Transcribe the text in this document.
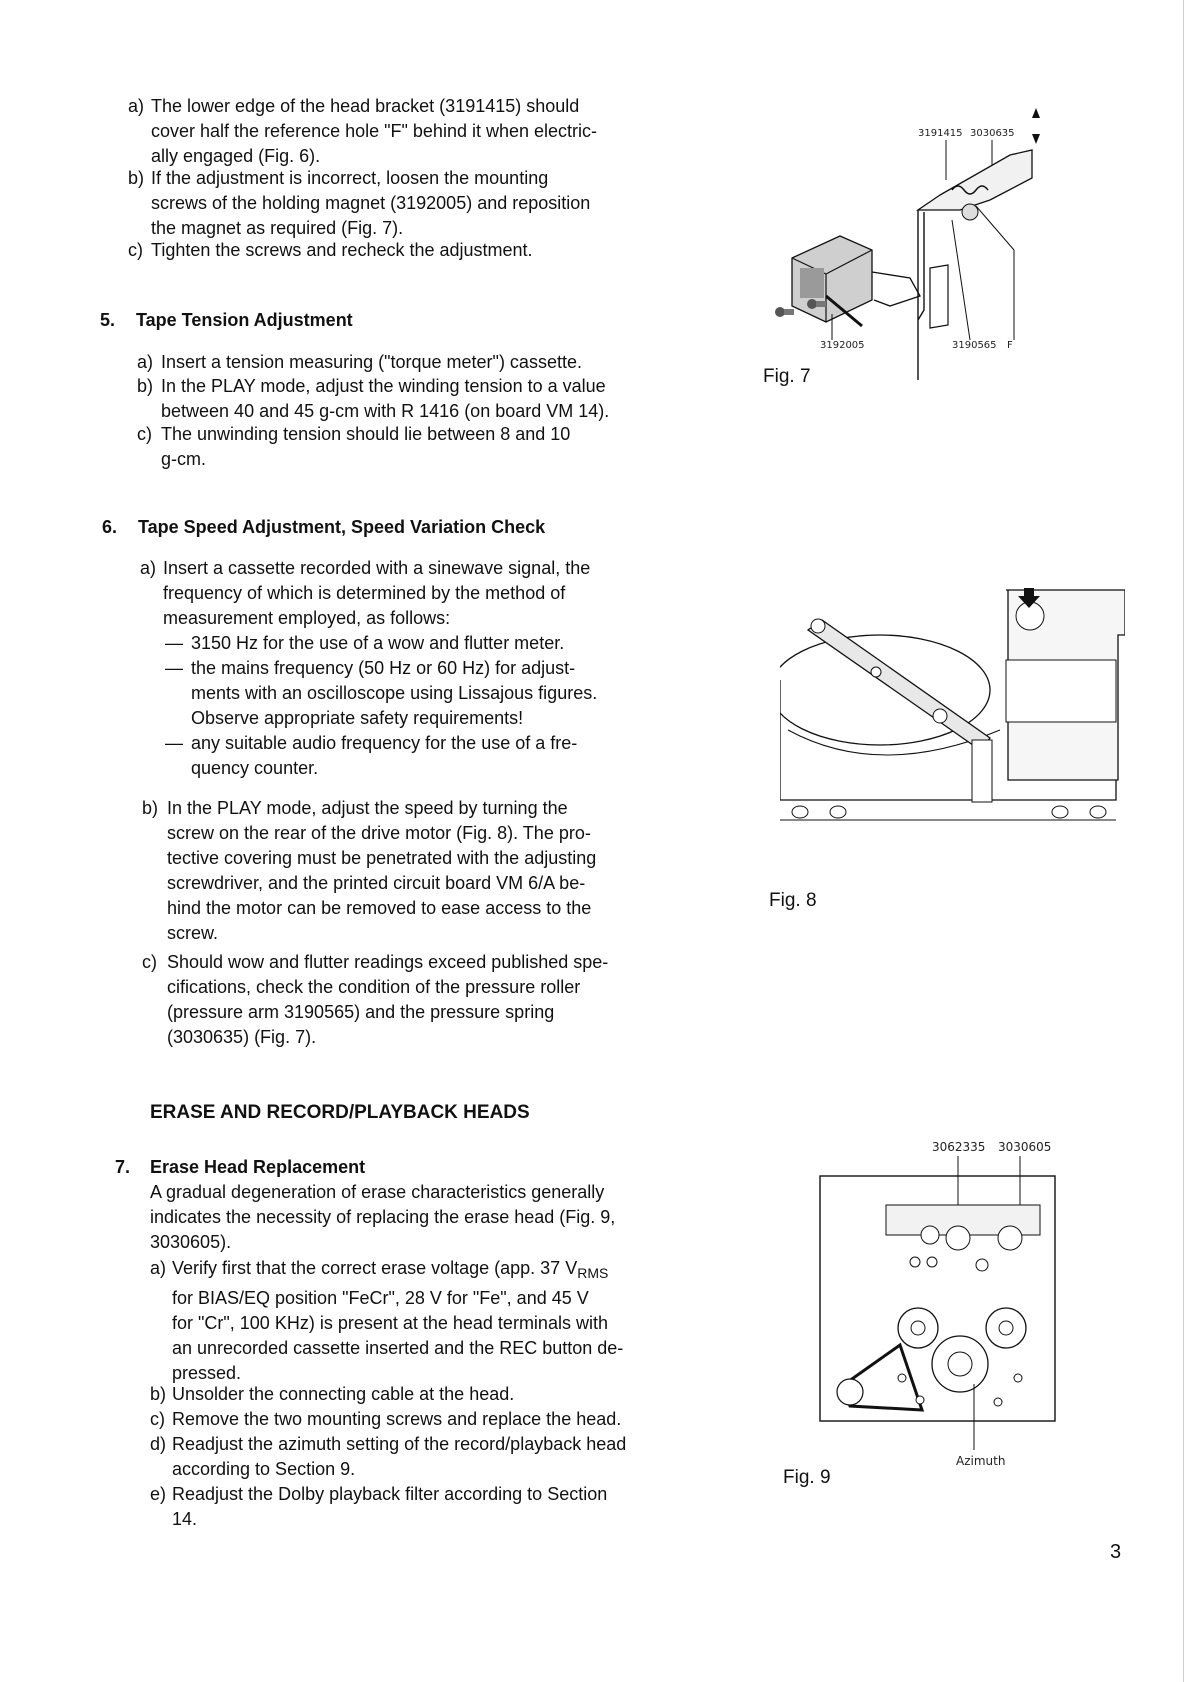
a) The lower edge of the head bracket (3191415) should
cover half the reference hole "F" behind it when electric-
ally engaged (Fig. 6).
b) If the adjustment is incorrect, loosen the mounting
screws of the holding magnet (3192005) and reposition
the magnet as required (Fig. 7).
c) Tighten the screws and recheck the adjustment.
5. Tape Tension Adjustment
a) Insert a tension measuring ("torque meter") cassette.
b) In the PLAY mode, adjust the winding tension to a value
between 40 and 45 g-cm with R 1416 (on board VM 14).
c) The unwinding tension should lie between 8 and 10
g-cm.
6. Tape Speed Adjustment, Speed Variation Check
a) Insert a cassette recorded with a sinewave signal, the
frequency of which is determined by the method of
measurement employed, as follows:
— 3150 Hz for the use of a wow and flutter meter.
— the mains frequency (50 Hz or 60 Hz) for adjust-
ments with an oscilloscope using Lissajous figures.
Observe appropriate safety requirements!
— any suitable audio frequency for the use of a fre-
quency counter.
b) In the PLAY mode, adjust the speed by turning the
screw on the rear of the drive motor (Fig. 8). The pro-
tective covering must be penetrated with the adjusting
screwdriver, and the printed circuit board VM 6/A be-
hind the motor can be removed to ease access to the
screw.
c) Should wow and flutter readings exceed published spe-
cifications, check the condition of the pressure roller
(pressure arm 3190565) and the pressure spring
(3030635) (Fig. 7).
ERASE AND RECORD/PLAYBACK HEADS
7. Erase Head Replacement
A gradual degeneration of erase characteristics generally
indicates the necessity of replacing the erase head (Fig. 9,
3030605).
a) Verify first that the correct erase voltage (app. 37 $V_{RMS}$
for BIAS/EQ position "FeCr", 28 V for "Fe", and 45 V
for "Cr", 100 KHz) is present at the head terminals with
an unrecorded cassette inserted and the REC button de-
pressed.
b) Unsolder the connecting cable at the head.
c) Remove the two mounting screws and replace the head.
d) Readjust the azimuth setting of the record/playback head
according to Section 9.
e) Readjust the Dolby playback filter according to Section
14.
3191415 3030635
3192005	3190565 F
Fig. 7
Fig. 8
3062335 3030605
Azimuth
Fig. 9
3
